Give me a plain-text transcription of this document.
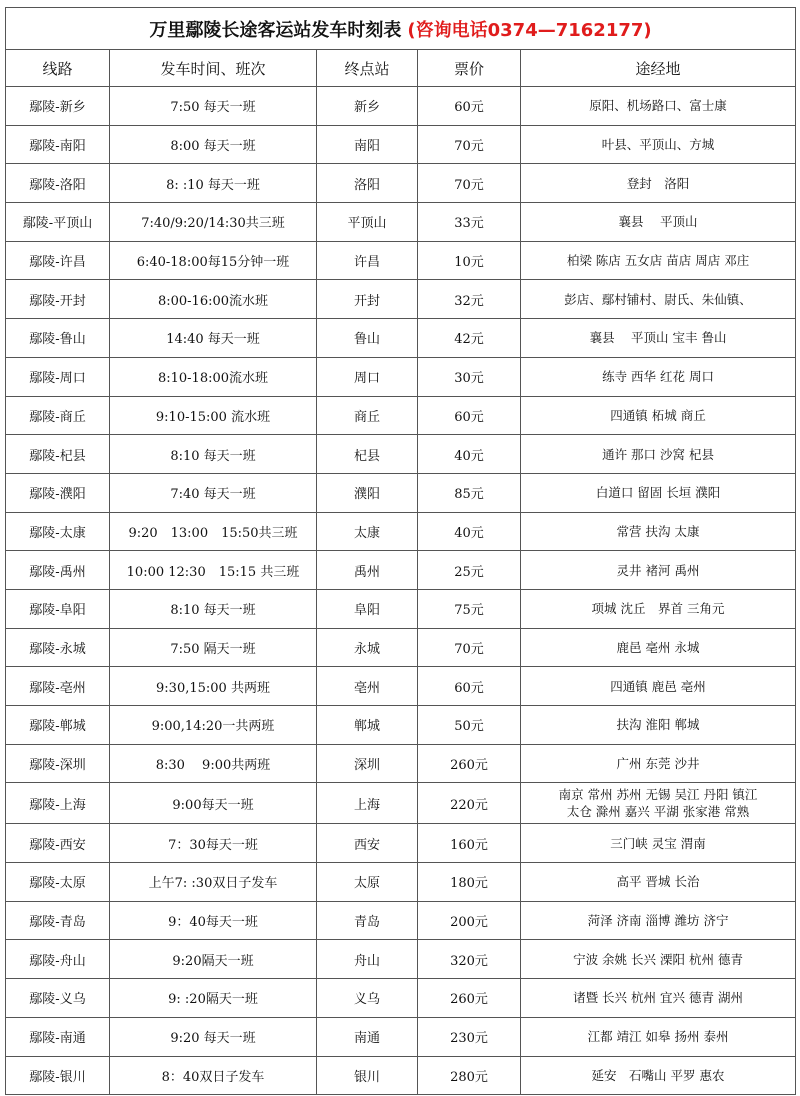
万里鄢陵长途客运站发车时刻表 (咨询电话0374—7162177)				
线路	发车时间、班次	终点站	票价	途经地
鄢陵-新乡	7:50 每天一班	新乡	60元	原阳、机场路口、富士康

鄢陵-南阳	8:00 每天一班	南阳	70元	叶县、平顶山、方城

鄢陵-洛阳	8: :10 每天一班	洛阳	70元	登封　洛阳

鄢陵-平顶山	7:40/9:20/14:30共三班	平顶山	33元	襄县　 平顶山

鄢陵-许昌	6:40-18:00每15分钟一班	许昌	10元	柏梁 陈店 五女店 苗店 周店 邓庄

鄢陵-开封	8:00-16:00流水班	开封	32元	彭店、鄢村铺村、尉氏、朱仙镇、

鄢陵-鲁山	14:40 每天一班	鲁山	42元	襄县　 平顶山 宝丰 鲁山

鄢陵-周口	8:10-18:00流水班	周口	30元	练寺 西华 红花 周口

鄢陵-商丘	9:10-15:00 流水班	商丘	60元	四通镇 柘城 商丘

鄢陵-杞县	8:10 每天一班	杞县	40元	通许 那口 沙窝 杞县

鄢陵-濮阳	7:40 每天一班	濮阳	85元	白道口 留固 长垣 濮阳

鄢陵-太康	9:20　13:00　15:50共三班	太康	40元	常营 扶沟 太康

鄢陵-禹州	10:00 12:30　15:15 共三班	禹州	25元	灵井 褚河 禹州

鄢陵-阜阳	8:10 每天一班	阜阳	75元	项城 沈丘　界首 三角元

鄢陵-永城	7:50 隔天一班	永城	70元	鹿邑 亳州 永城

鄢陵-亳州	9:30,15:00 共两班	亳州	60元	四通镇 鹿邑 亳州

鄢陵-郸城	9:00,14:20一共两班	郸城	50元	扶沟 淮阳 郸城

鄢陵-深圳	8:30　 9:00共两班	深圳	260元	广州 东莞 沙井

鄢陵-上海	9:00每天一班	上海	220元	南京 常州 苏州 无锡 吴江 丹阳 镇江
太仓 滁州 嘉兴 平湖 张家港 常熟

鄢陵-西安	7：30每天一班	西安	160元	三门峡 灵宝 渭南

鄢陵-太原	上午7: :30双日子发车	太原	180元	高平 晋城 长治

鄢陵-青岛	9：40每天一班	青岛	200元	菏泽 济南 淄博 潍坊 济宁

鄢陵-舟山	9:20隔天一班	舟山	320元	宁波 余姚 长兴 溧阳 杭州 德青

鄢陵-义乌	9: :20隔天一班	义乌	260元	诸暨 长兴 杭州 宜兴 德青 湖州

鄢陵-南通	9:20 每天一班	南通	230元	江都 靖江 如皋 扬州 泰州

鄢陵-银川	8：40双日子发车	银川	280元	延安　石嘴山 平罗 惠农
